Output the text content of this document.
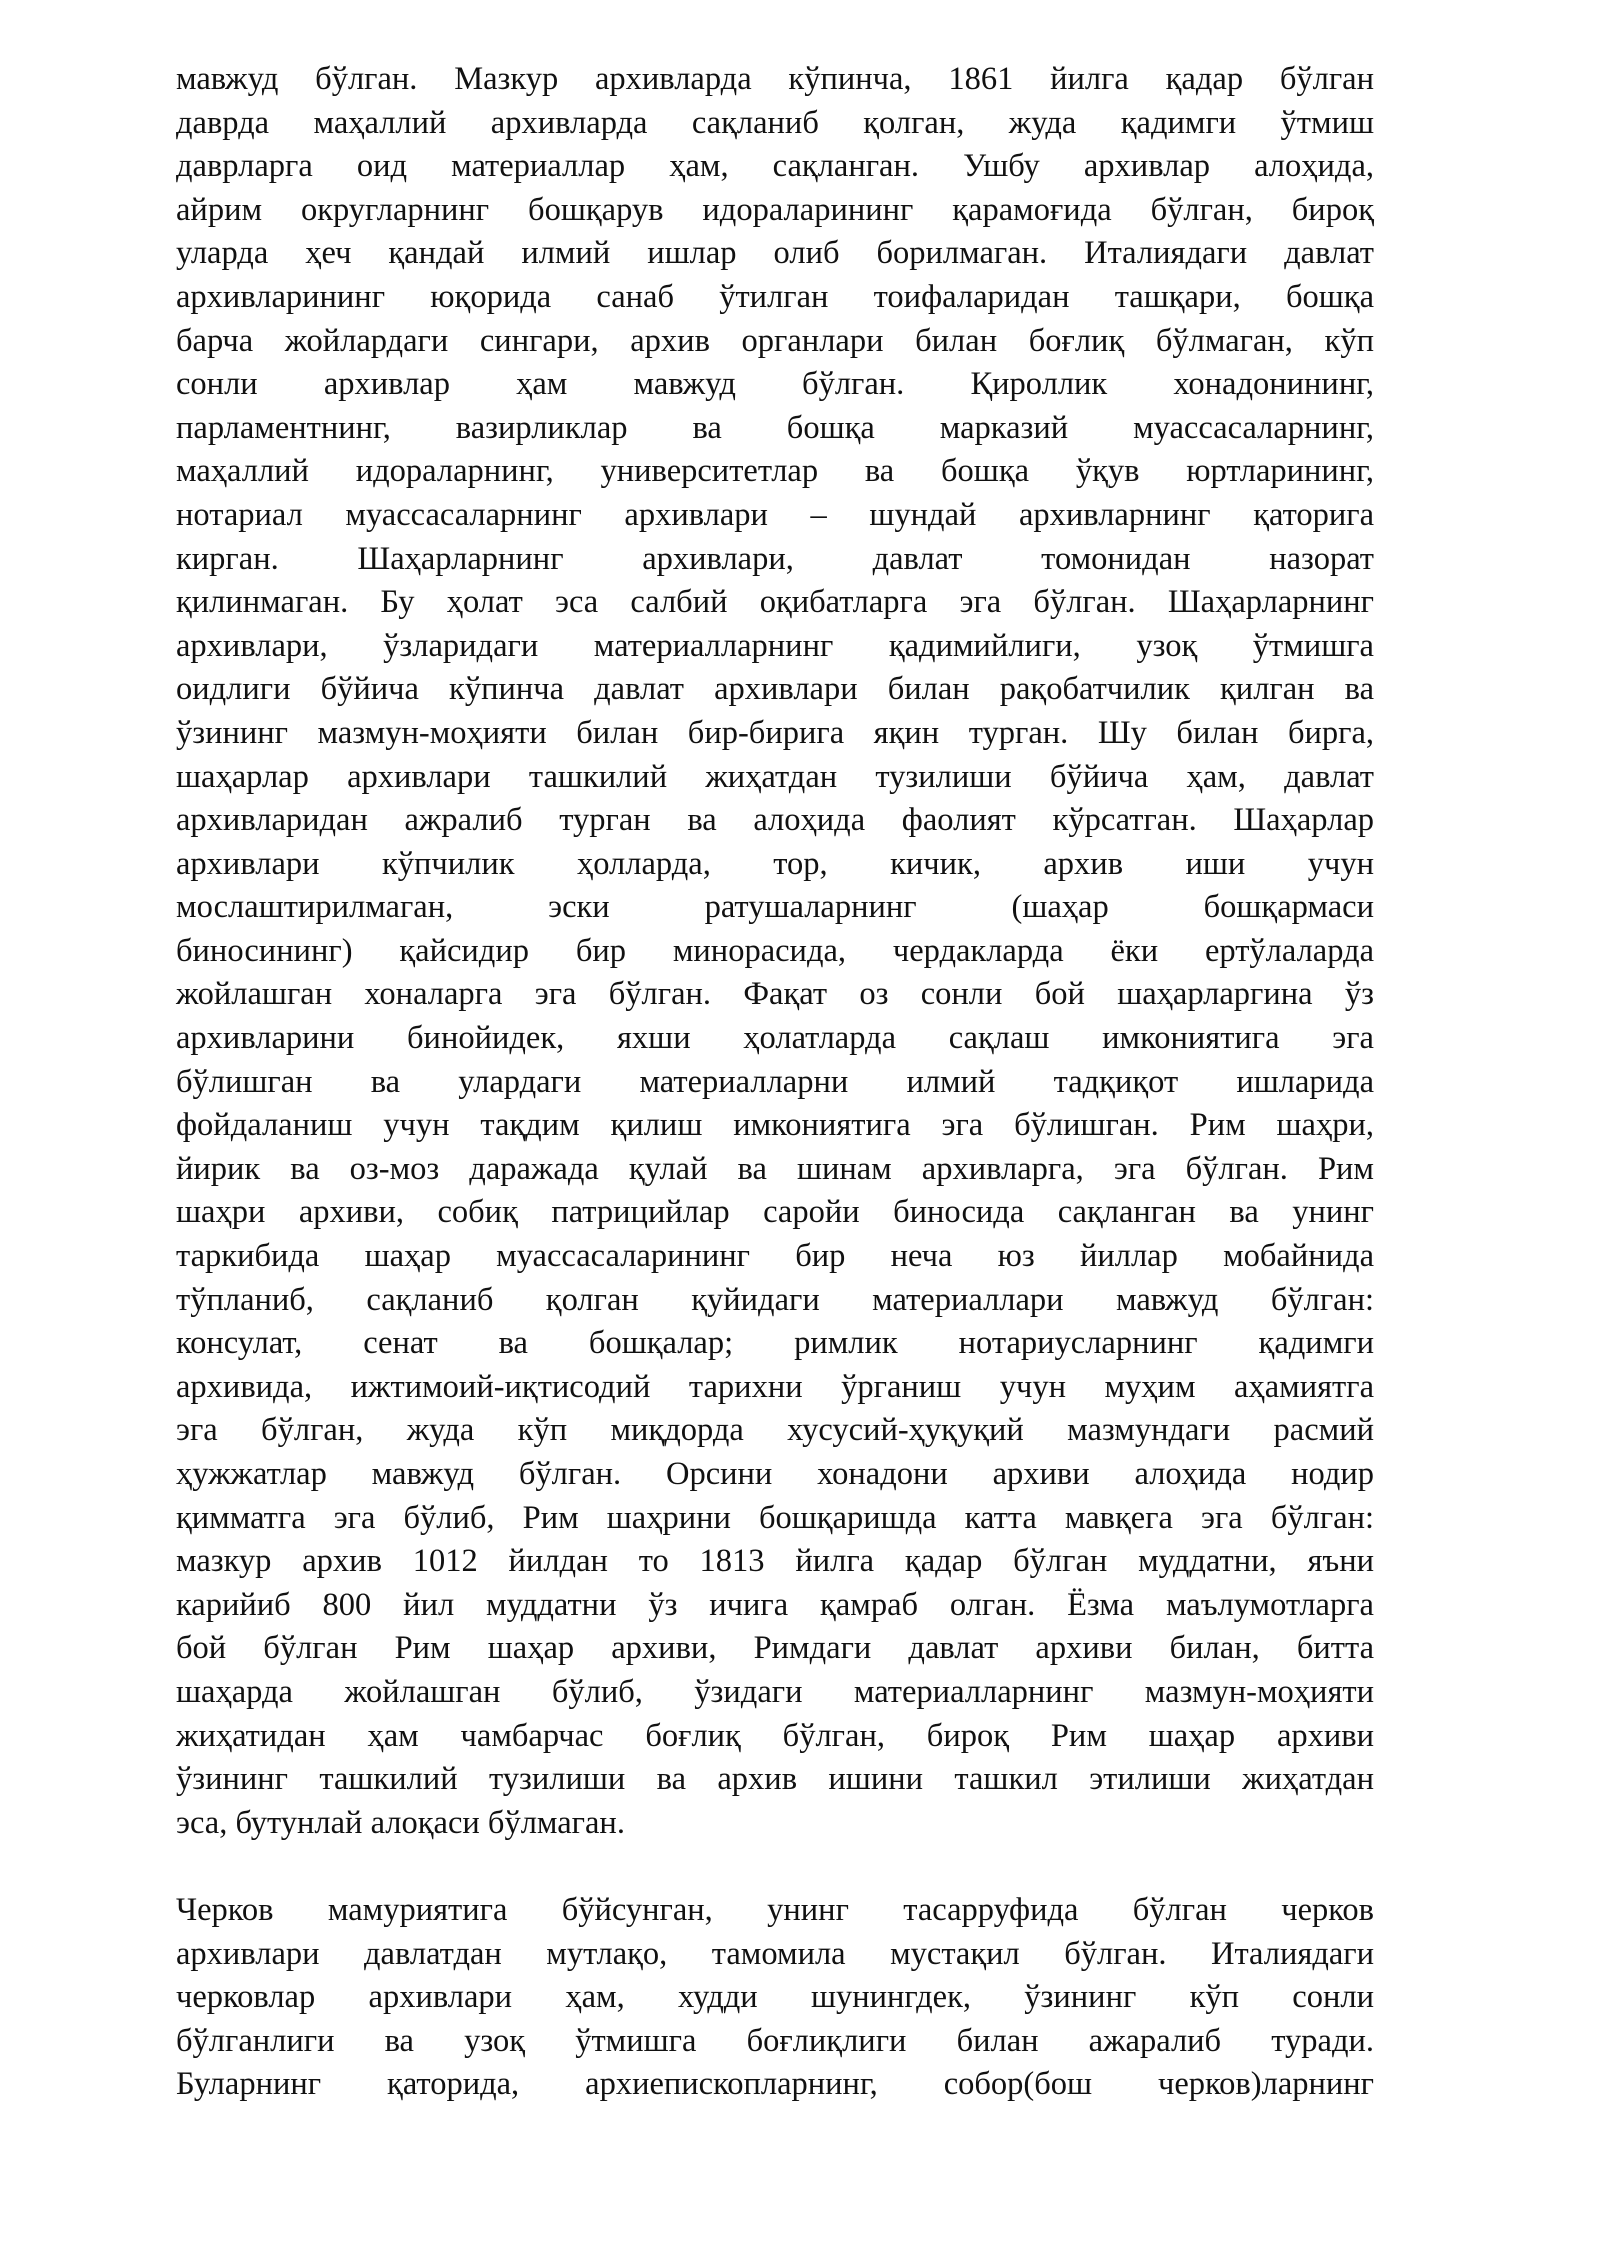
мавжуд бўлган. Мазкур архивларда кўпинча, 1861 йилга қадар бўлган
даврда маҳаллий архивларда сақланиб қолган, жуда қадимги ўтмиш
даврларга оид материаллар ҳам, сақланган. Ушбу архивлар алоҳида,
айрим округларнинг бошқарув идораларининг қарамоғида бўлган, бироқ
уларда ҳеч қандай илмий ишлар олиб борилмаган. Италиядаги давлат
архивларининг юқорида санаб ўтилган тоифаларидан ташқари, бошқа
барча жойлардаги сингари, архив органлари билан боғлиқ бўлмаган, кўп
сонли архивлар ҳам мавжуд бўлган. Қироллик хонадонининг,
парламентнинг, вазирликлар ва бошқа марказий муассасаларнинг,
маҳаллий идораларнинг, университетлар ва бошқа ўқув юртларининг,
нотариал муассасаларнинг архивлари – шундай архивларнинг қаторига
кирган. Шаҳарларнинг архивлари, давлат томонидан назорат
қилинмаган. Бу ҳолат эса салбий оқибатларга эга бўлган. Шаҳарларнинг
архивлари, ўзларидаги материалларнинг қадимийлиги, узоқ ўтмишга
оидлиги бўйича кўпинча давлат архивлари билан рақобатчилик қилган ва
ўзининг мазмун-моҳияти билан бир-бирига яқин турган. Шу билан бирга,
шаҳарлар архивлари ташкилий жиҳатдан тузилиши бўйича ҳам, давлат
архивларидан ажралиб турган ва алоҳида фаолият кўрсатган. Шаҳарлар
архивлари кўпчилик ҳолларда, тор, кичик, архив иши учун
мослаштирилмаган, эски ратушаларнинг (шаҳар бошқармаси
биносининг) қайсидир бир минорасида, чердакларда ёки ертўлаларда
жойлашган хоналарга эга бўлган. Фақат оз сонли бой шаҳарларгина ўз
архивларини бинойидек, яхши ҳолатларда сақлаш имкониятига эга
бўлишган ва улардаги материалларни илмий тадқиқот ишларида
фойдаланиш учун тақдим қилиш имкониятига эга бўлишган. Рим шаҳри,
йирик ва оз-моз даражада қулай ва шинам архивларга, эга бўлган. Рим
шаҳри архиви, собиқ патрицийлар саройи биносида сақланган ва унинг
таркибида шаҳар муассасаларининг бир неча юз йиллар мобайнида
тўпланиб, сақланиб қолган қуйидаги материаллари мавжуд бўлган:
консулат, сенат ва бошқалар; римлик нотариусларнинг қадимги
архивида, ижтимоий-иқтисодий тарихни ўрганиш учун муҳим аҳамиятга
эга бўлган, жуда кўп миқдорда хусусий-ҳуқуқий мазмундаги расмий
ҳужжатлар мавжуд бўлган. Орсини хонадони архиви алоҳида нодир
қимматга эга бўлиб, Рим шаҳрини бошқаришда катта мавқега эга бўлган:
мазкур архив 1012 йилдан то 1813 йилга қадар бўлган муддатни, яъни
карийиб 800 йил муддатни ўз ичига қамраб олган. Ёзма маълумотларга
бой бўлган Рим шаҳар архиви, Римдаги давлат архиви билан, битта
шаҳарда жойлашган бўлиб, ўзидаги материалларнинг мазмун-моҳияти
жиҳатидан ҳам чамбарчас боғлиқ бўлган, бироқ Рим шаҳар архиви
ўзининг ташкилий тузилиши ва архив ишини ташкил этилиши жиҳатдан
эса, бутунлай алоқаси бўлмаган.
Черков мамуриятига бўйсунган, унинг тасарруфида бўлган черков
архивлари давлатдан мутлақо, тамомила мустақил бўлган. Италиядаги
черковлар архивлари ҳам, худди шунингдек, ўзининг кўп сонли
бўлганлиги ва узоқ ўтмишга боғлиқлиги билан ажаралиб туради.
Буларнинг қаторида, архиепископларнинг, собор(бош черков)ларнинг
